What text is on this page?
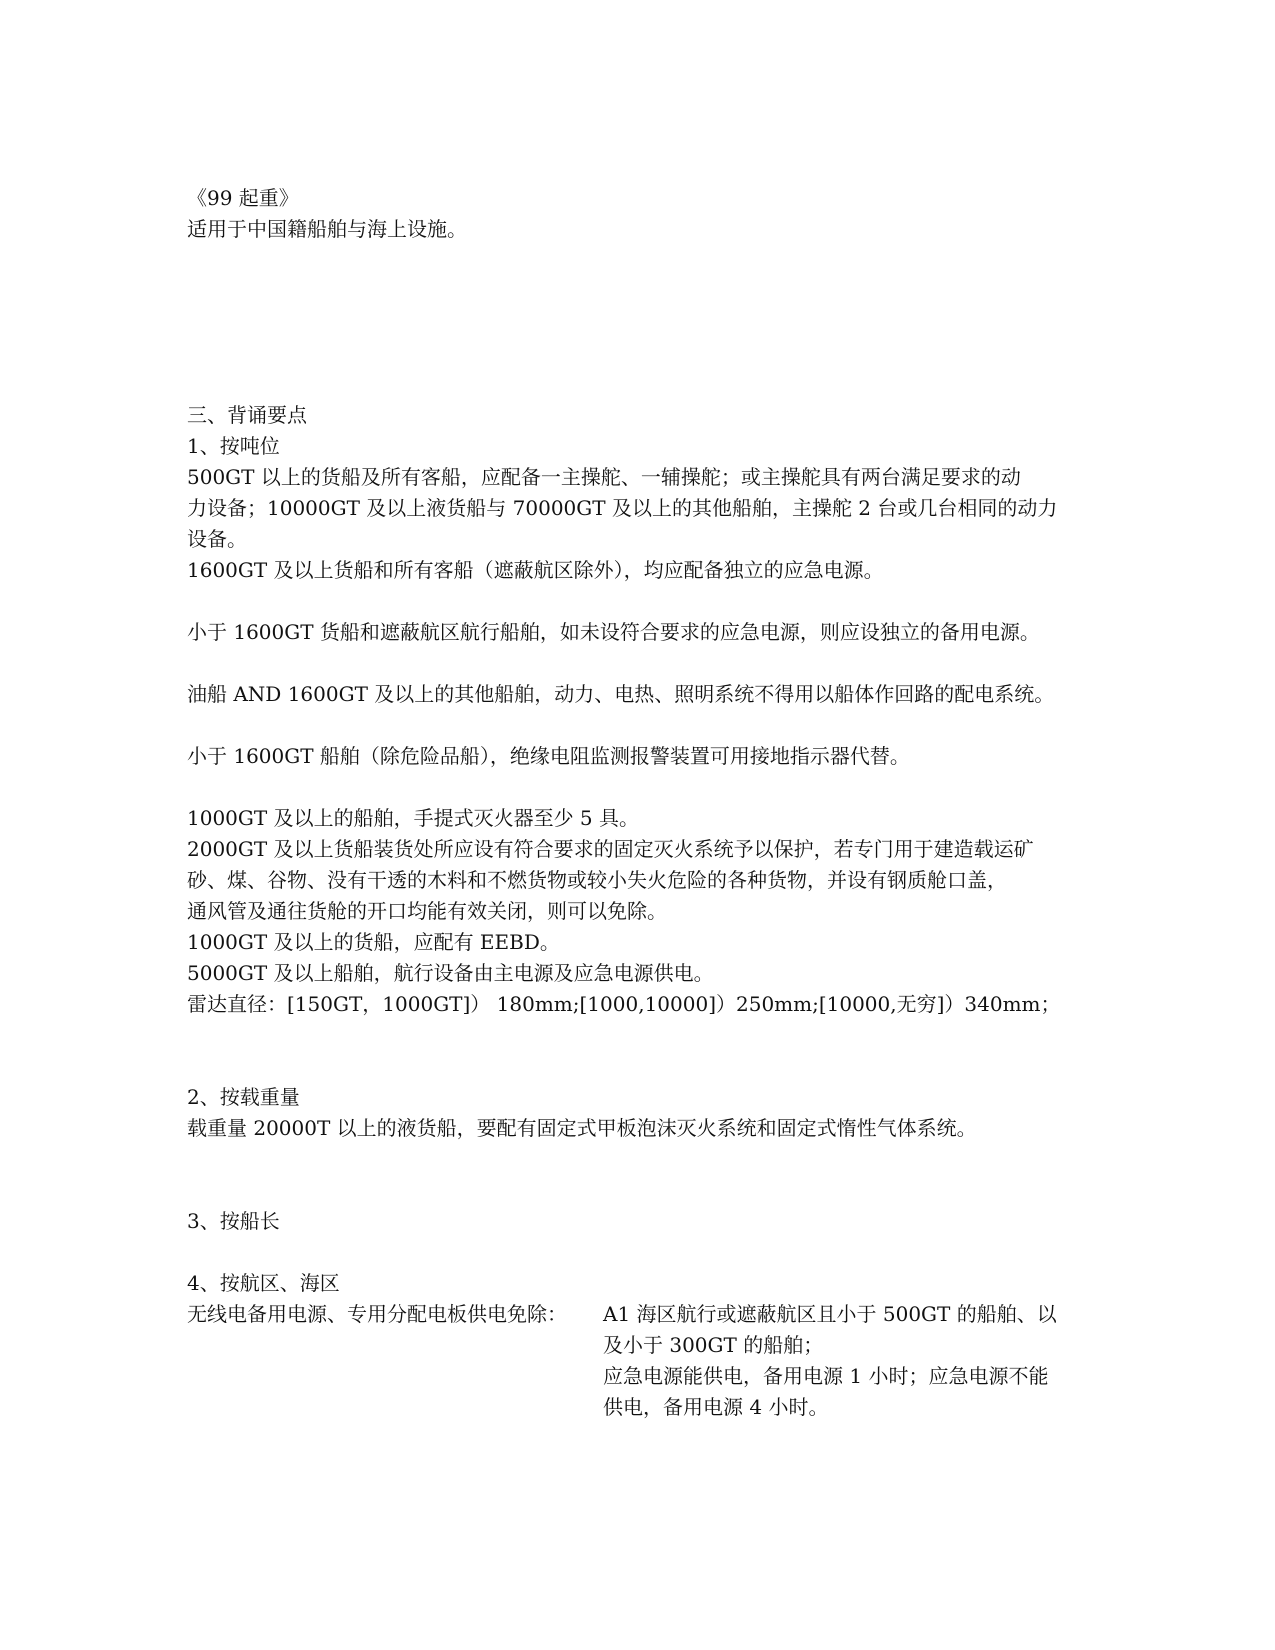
《99 起重》
适用于中国籍船舶与海上设施。
三、背诵要点
1、按吨位
500GT 以上的货船及所有客船，应配备一主操舵、一辅操舵；或主操舵具有两台满足要求的动
力设备；10000GT 及以上液货船与 70000GT 及以上的其他船舶，主操舵 2 台或几台相同的动力
设备。
1600GT 及以上货船和所有客船（遮蔽航区除外），均应配备独立的应急电源。
小于 1600GT 货船和遮蔽航区航行船舶，如未设符合要求的应急电源，则应设独立的备用电源。
油船 AND 1600GT 及以上的其他船舶，动力、电热、照明系统不得用以船体作回路的配电系统。
小于 1600GT 船舶（除危险品船），绝缘电阻监测报警装置可用接地指示器代替。
1000GT 及以上的船舶，手提式灭火器至少 5 具。
2000GT 及以上货船装货处所应设有符合要求的固定灭火系统予以保护，若专门用于建造载运矿
砂、煤、谷物、没有干透的木料和不燃货物或较小失火危险的各种货物，并设有钢质舱口盖，
通风管及通往货舱的开口均能有效关闭，则可以免除。
1000GT 及以上的货船，应配有 EEBD。
5000GT 及以上船舶，航行设备由主电源及应急电源供电。
雷达直径：[150GT，1000GT]） 180mm;[1000,10000]）250mm;[10000,无穷]）340mm；
2、按载重量
载重量 20000T 以上的液货船，要配有固定式甲板泡沫灭火系统和固定式惰性气体系统。
3、按船长
4、按航区、海区
无线电备用电源、专用分配电板供电免除：	A1 海区航行或遮蔽航区且小于 500GT 的船舶、以
及小于 300GT 的船舶；
应急电源能供电，备用电源 1 小时；应急电源不能
供电，备用电源 4 小时。
